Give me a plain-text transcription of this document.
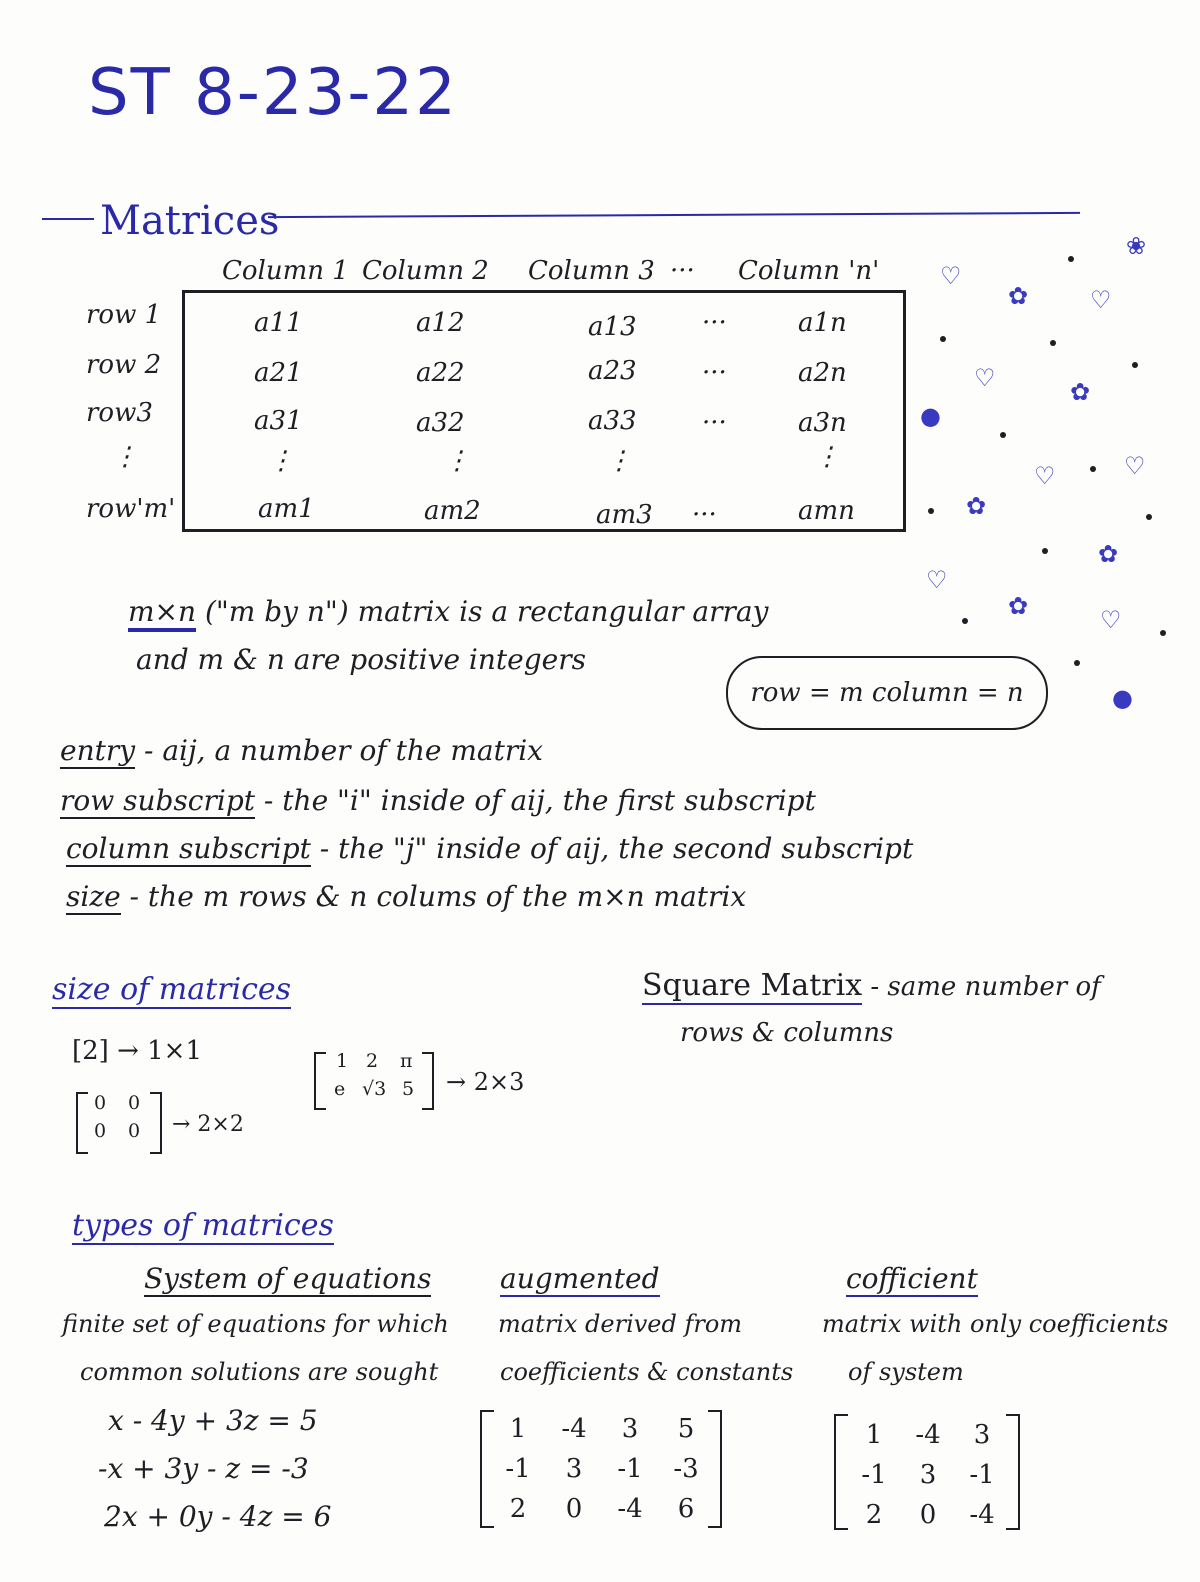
ST 8-23-22
Matrices
Column 1 Column 2 Column 3 ··· Column 'n'
row 1
row 2
row3
⋮
row'm'
a11	a12	a13	···	a1n
a21	a22	a23	···	a2n
a31	a32	a33	···	a3n
⋮	⋮	⋮	⋮
am1	am2	am3 ···	amn
m×n ("m by n") matrix is a rectangular array
and m & n are positive integers
row = m column = n
entry - aij, a number of the matrix
row subscript - the "i" inside of aij, the first subscript
column subscript - the "j" inside of aij, the second subscript
size - the m rows & n colums of the m×n matrix
size of matrices
[2] → 1×1
0 0
0 0 → 2×2
1 2 π
e √3 5 → 2×3
Square Matrix - same number of
rows & columns
types of matrices
System of equations
finite set of equations for which
common solutions are sought
x - 4y + 3z = 5
-x + 3y - z = -3
2x + 0y - 4z = 6
augmented
matrix derived from
coefficients & constants
1	-4	3	5
-1	3	-1	-3
2	0	-4	6
cofficient
matrix with only coefficients
of system
1	-4	3
-1	3	-1
2	0	-4
♡
✿	♡
❀
♡	✿
●
♡	♡
✿
✿
♡
✿	♡
●
